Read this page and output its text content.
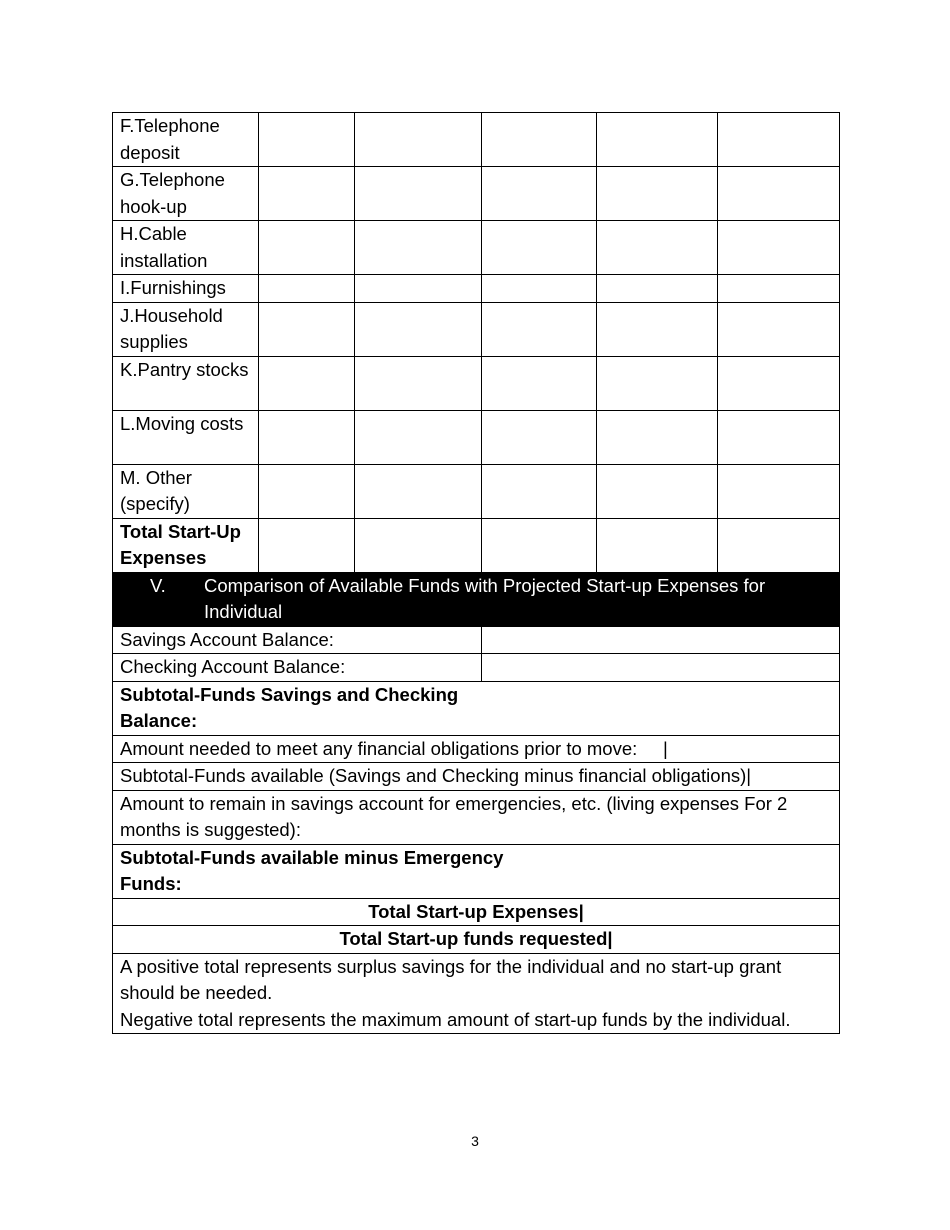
F.Telephone deposit					
G.Telephone hook-up					
H.Cable installation					
I.Furnishings					
J.Household supplies					
K.Pantry stocks					
L.Moving costs					
M. Other (specify)					
Total Start-Up Expenses					

V. Comparison of Available Funds with Projected Start-up Expenses for Individual					

Savings Account Balance:					
Checking Account Balance:					

Subtotal-Funds Savings and Checking Balance:					

Amount needed to meet any financial obligations prior to move:     |					
Subtotal-Funds available (Savings and Checking minus financial obligations)|					
Amount to remain in savings account for emergencies, etc. (living expenses For 2 months is suggested):					

Subtotal-Funds available minus Emergency Funds:					

Total Start-up Expenses|					
Total Start-up funds requested|					

A positive total represents surplus savings for the individual and no start-up grant should be needed.
Negative total represents the maximum amount of start-up funds by the individual.					
3
